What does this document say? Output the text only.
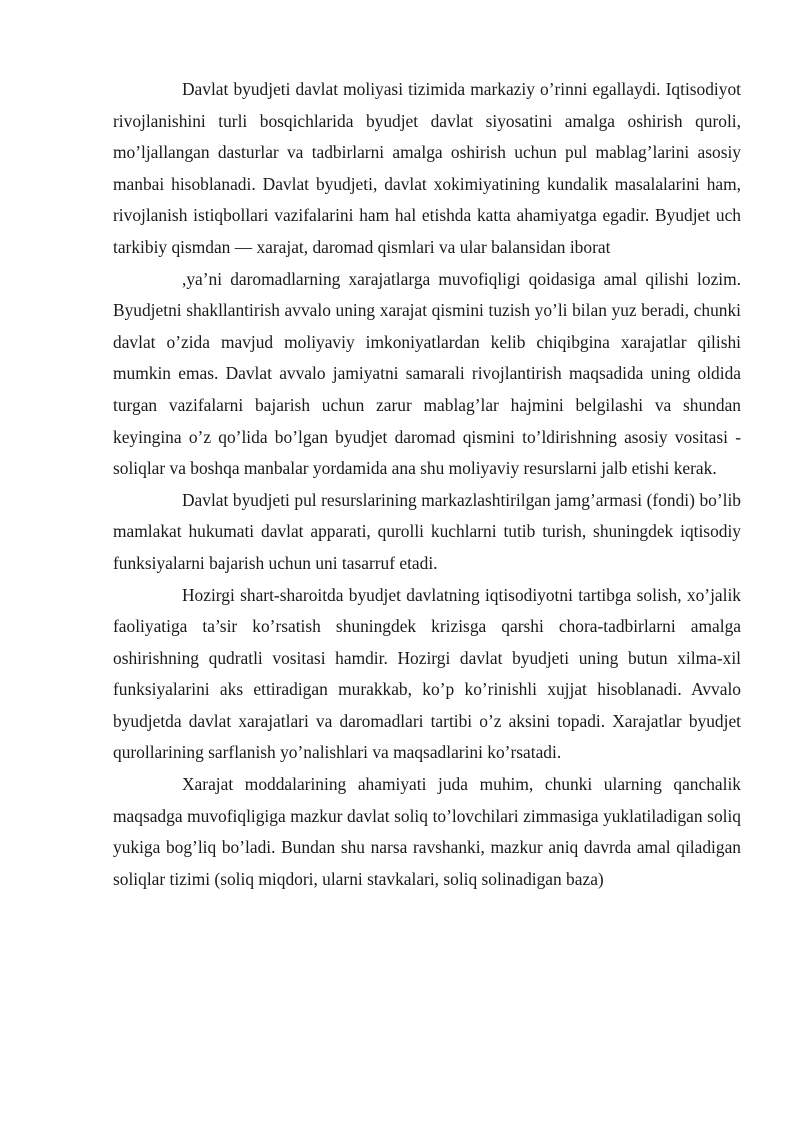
Davlat byudjeti davlat moliyasi tizimida markaziy o’rinni egallaydi. Iqtisodiyot rivojlanishini turli bosqichlarida byudjet davlat siyosatini amalga oshirish quroli, mo’ljallangan dasturlar va tadbirlarni amalga oshirish uchun pul mablag’larini asosiy manbai hisoblanadi. Davlat byudjeti, davlat xokimiyatining kundalik masalalarini ham, rivojlanish istiqbollari vazifalarini ham hal etishda katta ahamiyatga egadir. Byudjet uch tarkibiy qismdan — xarajat, daromad qismlari va ular balansidan iborat

,ya’ni daromadlarning xarajatlarga muvofiqligi qoidasiga amal qilishi lozim. Byudjetni shakllantirish avvalo uning xarajat qismini tuzish yo’li bilan yuz beradi, chunki davlat o’zida mavjud moliyaviy imkoniyatlardan kelib chiqibgina xarajatlar qilishi mumkin emas. Davlat avvalo jamiyatni samarali rivojlantirish maqsadida uning oldida turgan vazifalarni bajarish uchun zarur mablag’lar hajmini belgilashi va shundan keyingina o’z qo’lida bo’lgan byudjet daromad qismini to’ldirishning asosiy vositasi - soliqlar va boshqa manbalar yordamida ana shu moliyaviy resurslarni jalb etishi kerak.

Davlat byudjeti pul resurslarining markazlashtirilgan jamg’armasi (fondi) bo’lib mamlakat hukumati davlat apparati, qurolli kuchlarni tutib turish, shuningdek iqtisodiy funksiyalarni bajarish uchun uni tasarruf etadi.

Hozirgi shart-sharoitda byudjet davlatning iqtisodiyotni tartibga solish, xo’jalik faoliyatiga ta’sir ko’rsatish shuningdek krizisga qarshi chora-tadbirlarni amalga oshirishning qudratli vositasi hamdir. Hozirgi davlat byudjeti uning butun xilma-xil funksiyalarini aks ettiradigan murakkab, ko’p ko’rinishli xujjat hisoblanadi. Avvalo byudjetda davlat xarajatlari va daromadlari tartibi o’z aksini topadi. Xarajatlar byudjet qurollarining sarflanish yo’nalishlari va maqsadlarini ko’rsatadi.

Xarajat moddalarining ahamiyati juda muhim, chunki ularning qanchalik maqsadga muvofiqligiga mazkur davlat soliq to’lovchilari zimmasiga yuklatiladigan soliq yukiga bog’liq bo’ladi. Bundan shu narsa ravshanki, mazkur aniq davrda amal qiladigan soliqlar tizimi (soliq miqdori, ularni stavkalari, soliq solinadigan baza)
